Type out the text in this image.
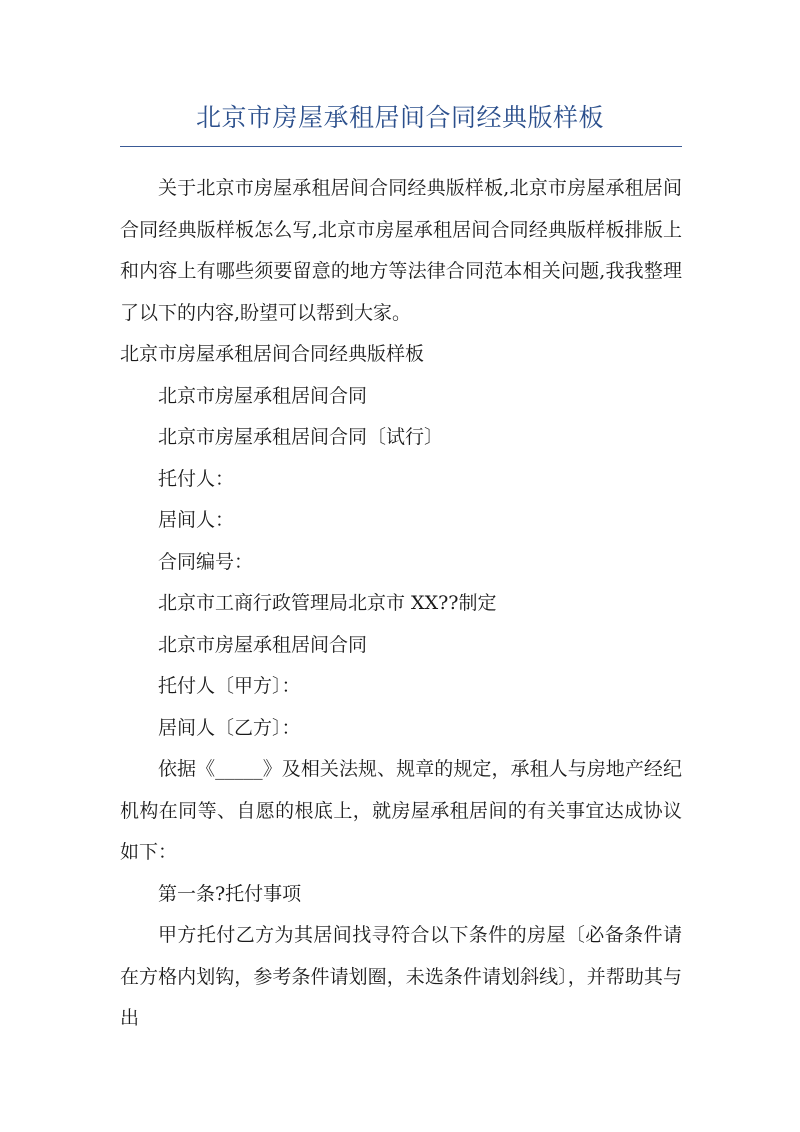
北京市房屋承租居间合同经典版样板

关于北京市房屋承租居间合同经典版样板,北京市房屋承租居间合同经典版样板怎么写,北京市房屋承租居间合同经典版样板排版上和内容上有哪些须要留意的地方等法律合同范本相关问题,我我整理了以下的内容,盼望可以帮到大家。

北京市房屋承租居间合同经典版样板

北京市房屋承租居间合同

北京市房屋承租居间合同〔试行〕

托付人：

居间人：

合同编号：

北京市工商行政管理局北京市 XX??制定

北京市房屋承租居间合同

托付人〔甲方〕：

居间人〔乙方〕：

依据《_____》及相关法规、规章的规定，承租人与房地产经纪机构在同等、自愿的根底上，就房屋承租居间的有关事宜达成协议如下：

第一条?托付事项

甲方托付乙方为其居间找寻符合以下条件的房屋〔必备条件请在方格内划钩，参考条件请划圈，未选条件请划斜线〕，并帮助其与出
